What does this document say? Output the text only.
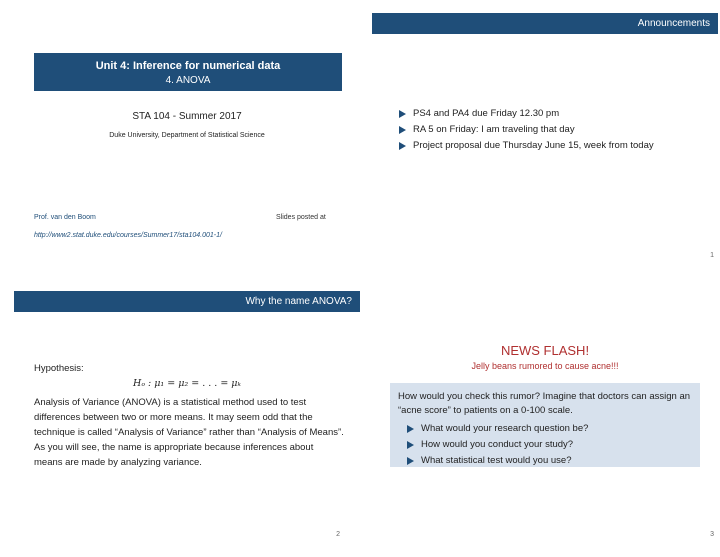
Unit 4: Inference for numerical data
4. ANOVA
STA 104 - Summer 2017
Duke University, Department of Statistical Science
Prof. van den Boom	Slides posted at
http://www2.stat.duke.edu/courses/Summer17/sta104.001-1/
Announcements
PS4 and PA4 due Friday 12.30 pm
RA 5 on Friday: I am traveling that day
Project proposal due Thursday June 15, week from today
1
Why the name ANOVA?
Hypothesis:
Hₒ : μ₁ = μ₂ = . . . = μₖ
Analysis of Variance (ANOVA) is a statistical method used to test differences between two or more means. It may seem odd that the technique is called “Analysis of Variance” rather than “Analysis of Means”. As you will see, the name is appropriate because inferences about means are made by analyzing variance.
2
NEWS FLASH!
Jelly beans rumored to cause acne!!!
How would you check this rumor? Imagine that doctors can assign an “acne score” to patients on a 0-100 scale.
What would your research question be?
How would you conduct your study?
What statistical test would you use?
3
